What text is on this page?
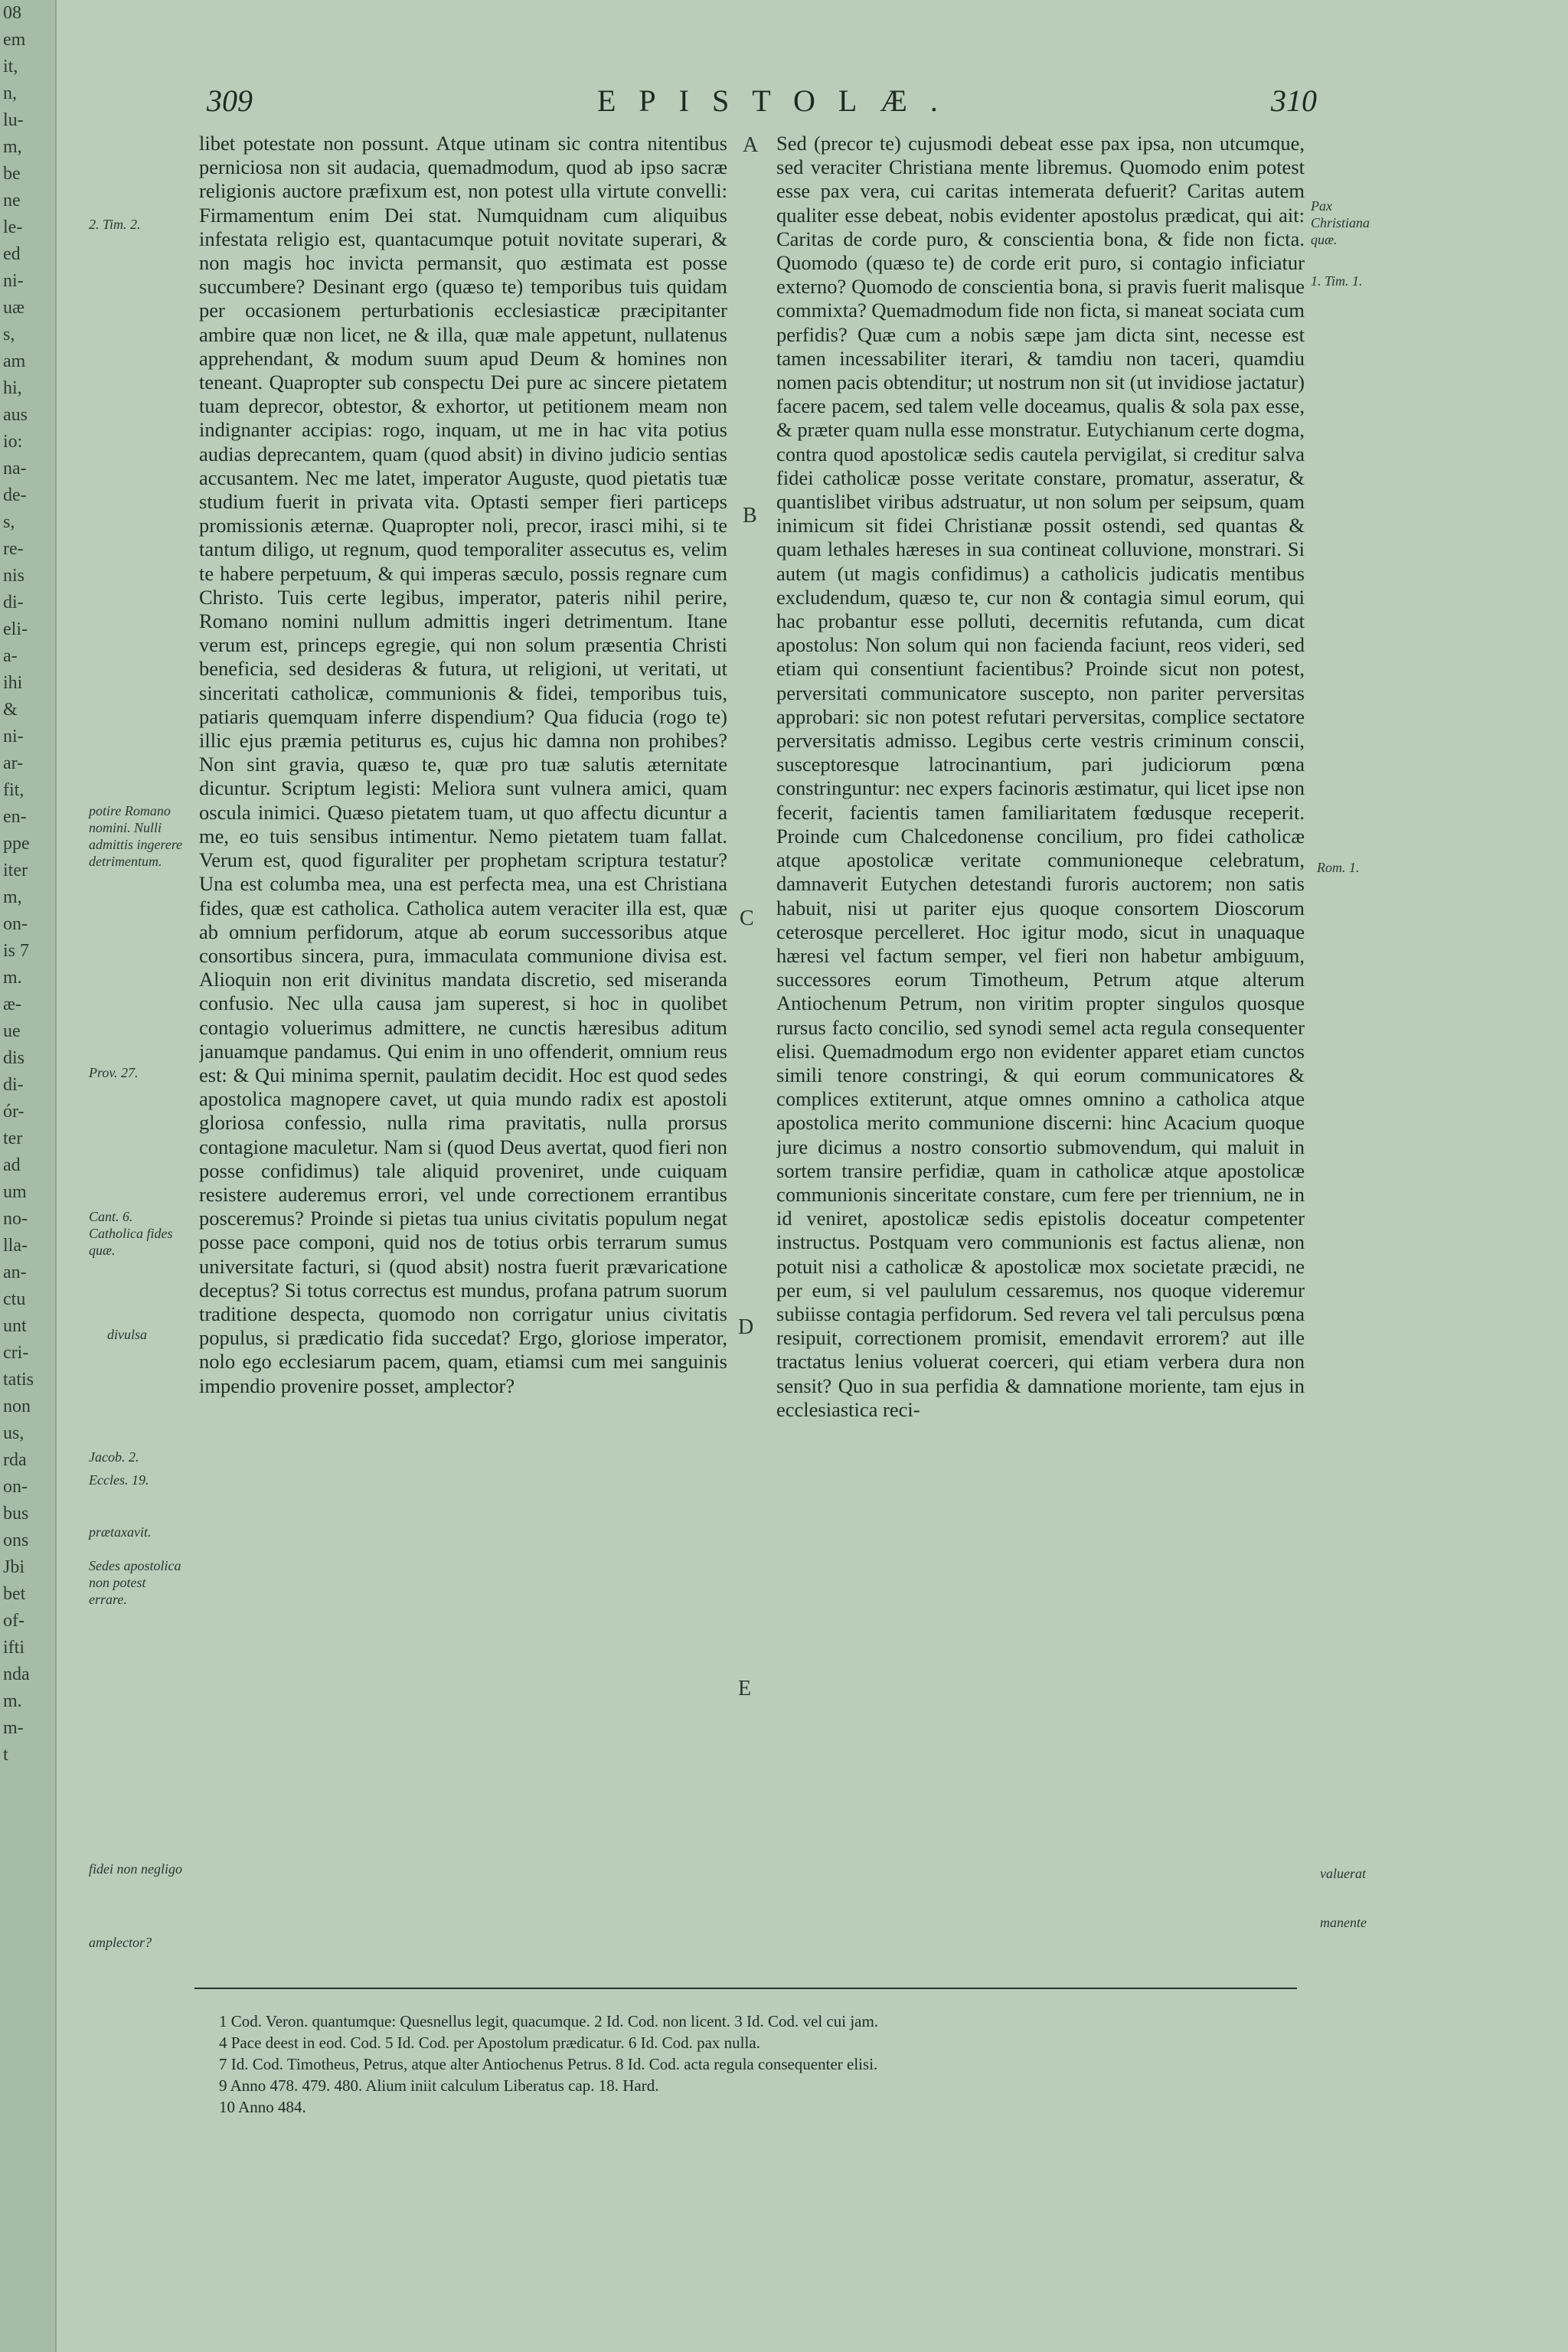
08
em
it,
n,
lu-
m,
be
ne
le-
ed
ni-
uæ
s,
am
hi,
aus
io:
na-
de-
s,
re-
nis
di-
eli-
a-
ihi
&
ni-
ar-
fit,
en-
ppe
iter
m,
on-
is 7
m.
æ-
ue
dis
di-
ór-
ter
ad
um
no-
lla-
an-
ctu
unt
cri-
tatis
non
us,
rda
on-
bus
ons
Jbi
bet
of-
ifti
nda
m.
m-
t
309	EPISTOLÆ.	310

libet potestate non possunt. Atque utinam sic contra nitentibus perniciosa non sit audacia, quemadmodum, quod ab ipso sacræ religionis auctore præfixum est, non potest ulla virtute convelli: Firmamentum enim Dei stat. Numquidnam cum aliquibus infestata religio est, quantacumque potuit novitate superari, & non magis hoc invicta permansit, quo æstimata est posse succumbere? Desinant ergo (quæso te) temporibus tuis quidam per occasionem perturbationis ecclesiasticæ præcipitanter ambire quæ non licet, ne & illa, quæ male appetunt, nullatenus apprehendant, & modum suum apud Deum & homines non teneant. Quapropter sub conspectu Dei pure ac sincere pietatem tuam deprecor, obtestor, & exhortor, ut petitionem meam non indignanter accipias: rogo, inquam, ut me in hac vita potius audias deprecantem, quam (quod absit) in divino judicio sentias accusantem. Nec me latet, imperator Auguste, quod pietatis tuæ studium fuerit in privata vita. Optasti semper fieri particeps promissionis æternæ. Quapropter noli, precor, irasci mihi, si te tantum diligo, ut regnum, quod temporaliter assecutus es, velim te habere perpetuum, & qui imperas sæculo, possis regnare cum Christo. Tuis certe legibus, imperator, pateris nihil perire, Romano nomini nullum admittis ingeri detrimentum. Itane verum est, princeps egregie, qui non solum præsentia Christi beneficia, sed desideras & futura, ut religioni, ut veritati, ut sinceritati catholicæ, communionis & fidei, temporibus tuis, patiaris quemquam inferre dispendium? Qua fiducia (rogo te) illic ejus præmia petiturus es, cujus hic damna non prohibes? Non sint gravia, quæso te, quæ pro tuæ salutis æternitate dicuntur. Scriptum legisti: Meliora sunt vulnera amici, quam oscula inimici. Quæso pietatem tuam, ut quo affectu dicuntur a me, eo tuis sensibus intimentur. Nemo pietatem tuam fallat. Verum est, quod figuraliter per prophetam scriptura testatur? Una est columba mea, una est perfecta mea, una est Christiana fides, quæ est catholica. Catholica autem veraciter illa est, quæ ab omnium perfidorum, atque ab eorum successoribus atque consortibus sincera, pura, immaculata communione divisa est. Alioquin non erit divinitus mandata discretio, sed miseranda confusio. Nec ulla causa jam superest, si hoc in quolibet contagio voluerimus admittere, ne cunctis hæresibus aditum januamque pandamus. Qui enim in uno offenderit, omnium reus est: & Qui minima spernit, paulatim decidit. Hoc est quod sedes apostolica magnopere cavet, ut quia mundo radix est apostoli gloriosa confessio, nulla rima pravitatis, nulla prorsus contagione maculetur. Nam si (quod Deus avertat, quod fieri non posse confidimus) tale aliquid proveniret, unde cuiquam resistere auderemus errori, vel unde correctionem errantibus posceremus? Proinde si pietas tua unius civitatis populum negat posse pace componi, quid nos de totius orbis terrarum sumus universitate facturi, si (quod absit) nostra fuerit prævaricatione deceptus? Si totus correctus est mundus, profana patrum suorum traditione despecta, quomodo non corrigatur unius civitatis populus, si prædicatio fida succedat? Ergo, gloriose imperator, nolo ego ecclesiarum pacem, quam, etiamsi cum mei sanguinis impendio provenire posset, amplector?

Sed (precor te) cujusmodi debeat esse pax ipsa, non utcumque, sed veraciter Christiana mente libremus. Quomodo enim potest esse pax vera, cui caritas intemerata defuerit? Caritas autem qualiter esse debeat, nobis evidenter apostolus prædicat, qui ait: Caritas de corde puro, & conscientia bona, & fide non ficta. Quomodo (quæso te) de corde erit puro, si contagio inficiatur externo? Quomodo de conscientia bona, si pravis fuerit malisque commixta? Quemadmodum fide non ficta, si maneat sociata cum perfidis? Quæ cum a nobis sæpe jam dicta sint, necesse est tamen incessabiliter iterari, & tamdiu non taceri, quamdiu nomen pacis obtenditur; ut nostrum non sit (ut invidiose jactatur) facere pacem, sed talem velle doceamus, qualis & sola pax esse, & præter quam nulla esse monstratur. Eutychianum certe dogma, contra quod apostolicæ sedis cautela pervigilat, si creditur salva fidei catholicæ posse veritate constare, promatur, asseratur, & quantislibet viribus adstruatur, ut non solum per seipsum, quam inimicum sit fidei Christianæ possit ostendi, sed quantas & quam lethales hæreses in sua contineat colluvione, monstrari. Si autem (ut magis confidimus) a catholicis judicatis mentibus excludendum, quæso te, cur non & contagia simul eorum, qui hac probantur esse polluti, decernitis refutanda, cum dicat apostolus: Non solum qui non facienda faciunt, reos videri, sed etiam qui consentiunt facientibus? Proinde sicut non potest, perversitati communicatore suscepto, non pariter perversitas approbari: sic non potest refutari perversitas, complice sectatore perversitatis admisso. Legibus certe vestris criminum conscii, susceptoresque latrocinantium, pari judiciorum pœna constringuntur: nec expers facinoris æstimatur, qui licet ipse non fecerit, facientis tamen familiaritatem fœdusque receperit. Proinde cum Chalcedonense concilium, pro fidei catholicæ atque apostolicæ veritate communioneque celebratum, damnaverit Eutychen detestandi furoris auctorem; non satis habuit, nisi ut pariter ejus quoque consortem Dioscorum ceterosque percelleret. Hoc igitur modo, sicut in unaquaque hæresi vel factum semper, vel fieri non habetur ambiguum, successores eorum Timotheum, Petrum atque alterum Antiochenum Petrum, non viritim propter singulos quosque rursus facto concilio, sed synodi semel acta regula consequenter elisi. Quemadmodum ergo non evidenter apparet etiam cunctos simili tenore constringi, & qui eorum communicatores & complices extiterunt, atque omnes omnino a catholica atque apostolica merito communione discerni: hinc Acacium quoque jure dicimus a nostro consortio submovendum, qui maluit in sortem transire perfidiæ, quam in catholicæ atque apostolicæ communionis sinceritate constare, cum fere per triennium, ne in id veniret, apostolicæ sedis epistolis doceatur competenter instructus. Postquam vero communionis est factus alienæ, non potuit nisi a catholicæ & apostolicæ mox societate præcidi, ne per eum, si vel paululum cessaremus, nos quoque videremur subiisse contagia perfidorum. Sed revera vel tali perculsus pœna resipuit, correctionem promisit, emendavit errorem? aut ille tractatus lenius voluerat coerceri, qui etiam verbera dura non sensit? Quo in sua perfidia & damnatione moriente, tam ejus in ecclesiastica reci-

2. Tim. 2.
potire Romano nomini. Nulli admittis ingerere detrimentum.
Prov. 27.
Cant. 6. Catholica fides quæ.
divulsa
Jacob. 2.
Eccles. 19.
prætaxavit.
Sedes apostolica non potest errare.
fidei non negligo
amplector?
Pax Christiana quæ.
1. Tim. 1.
Rom. 1.
valuerat
manente
A
B
C
D
E
1 Cod. Veron. quantumque: Quesnellus legit, quacumque. 2 Id. Cod. non licent. 3 Id. Cod. vel cui jam.
4 Pace deest in eod. Cod. 5 Id. Cod. per Apostolum prædicatur. 6 Id. Cod. pax nulla.
7 Id. Cod. Timotheus, Petrus, atque alter Antiochenus Petrus. 8 Id. Cod. acta regula consequenter elisi.
9 Anno 478. 479. 480. Alium iniit calculum Liberatus cap. 18. Hard.
10 Anno 484.
